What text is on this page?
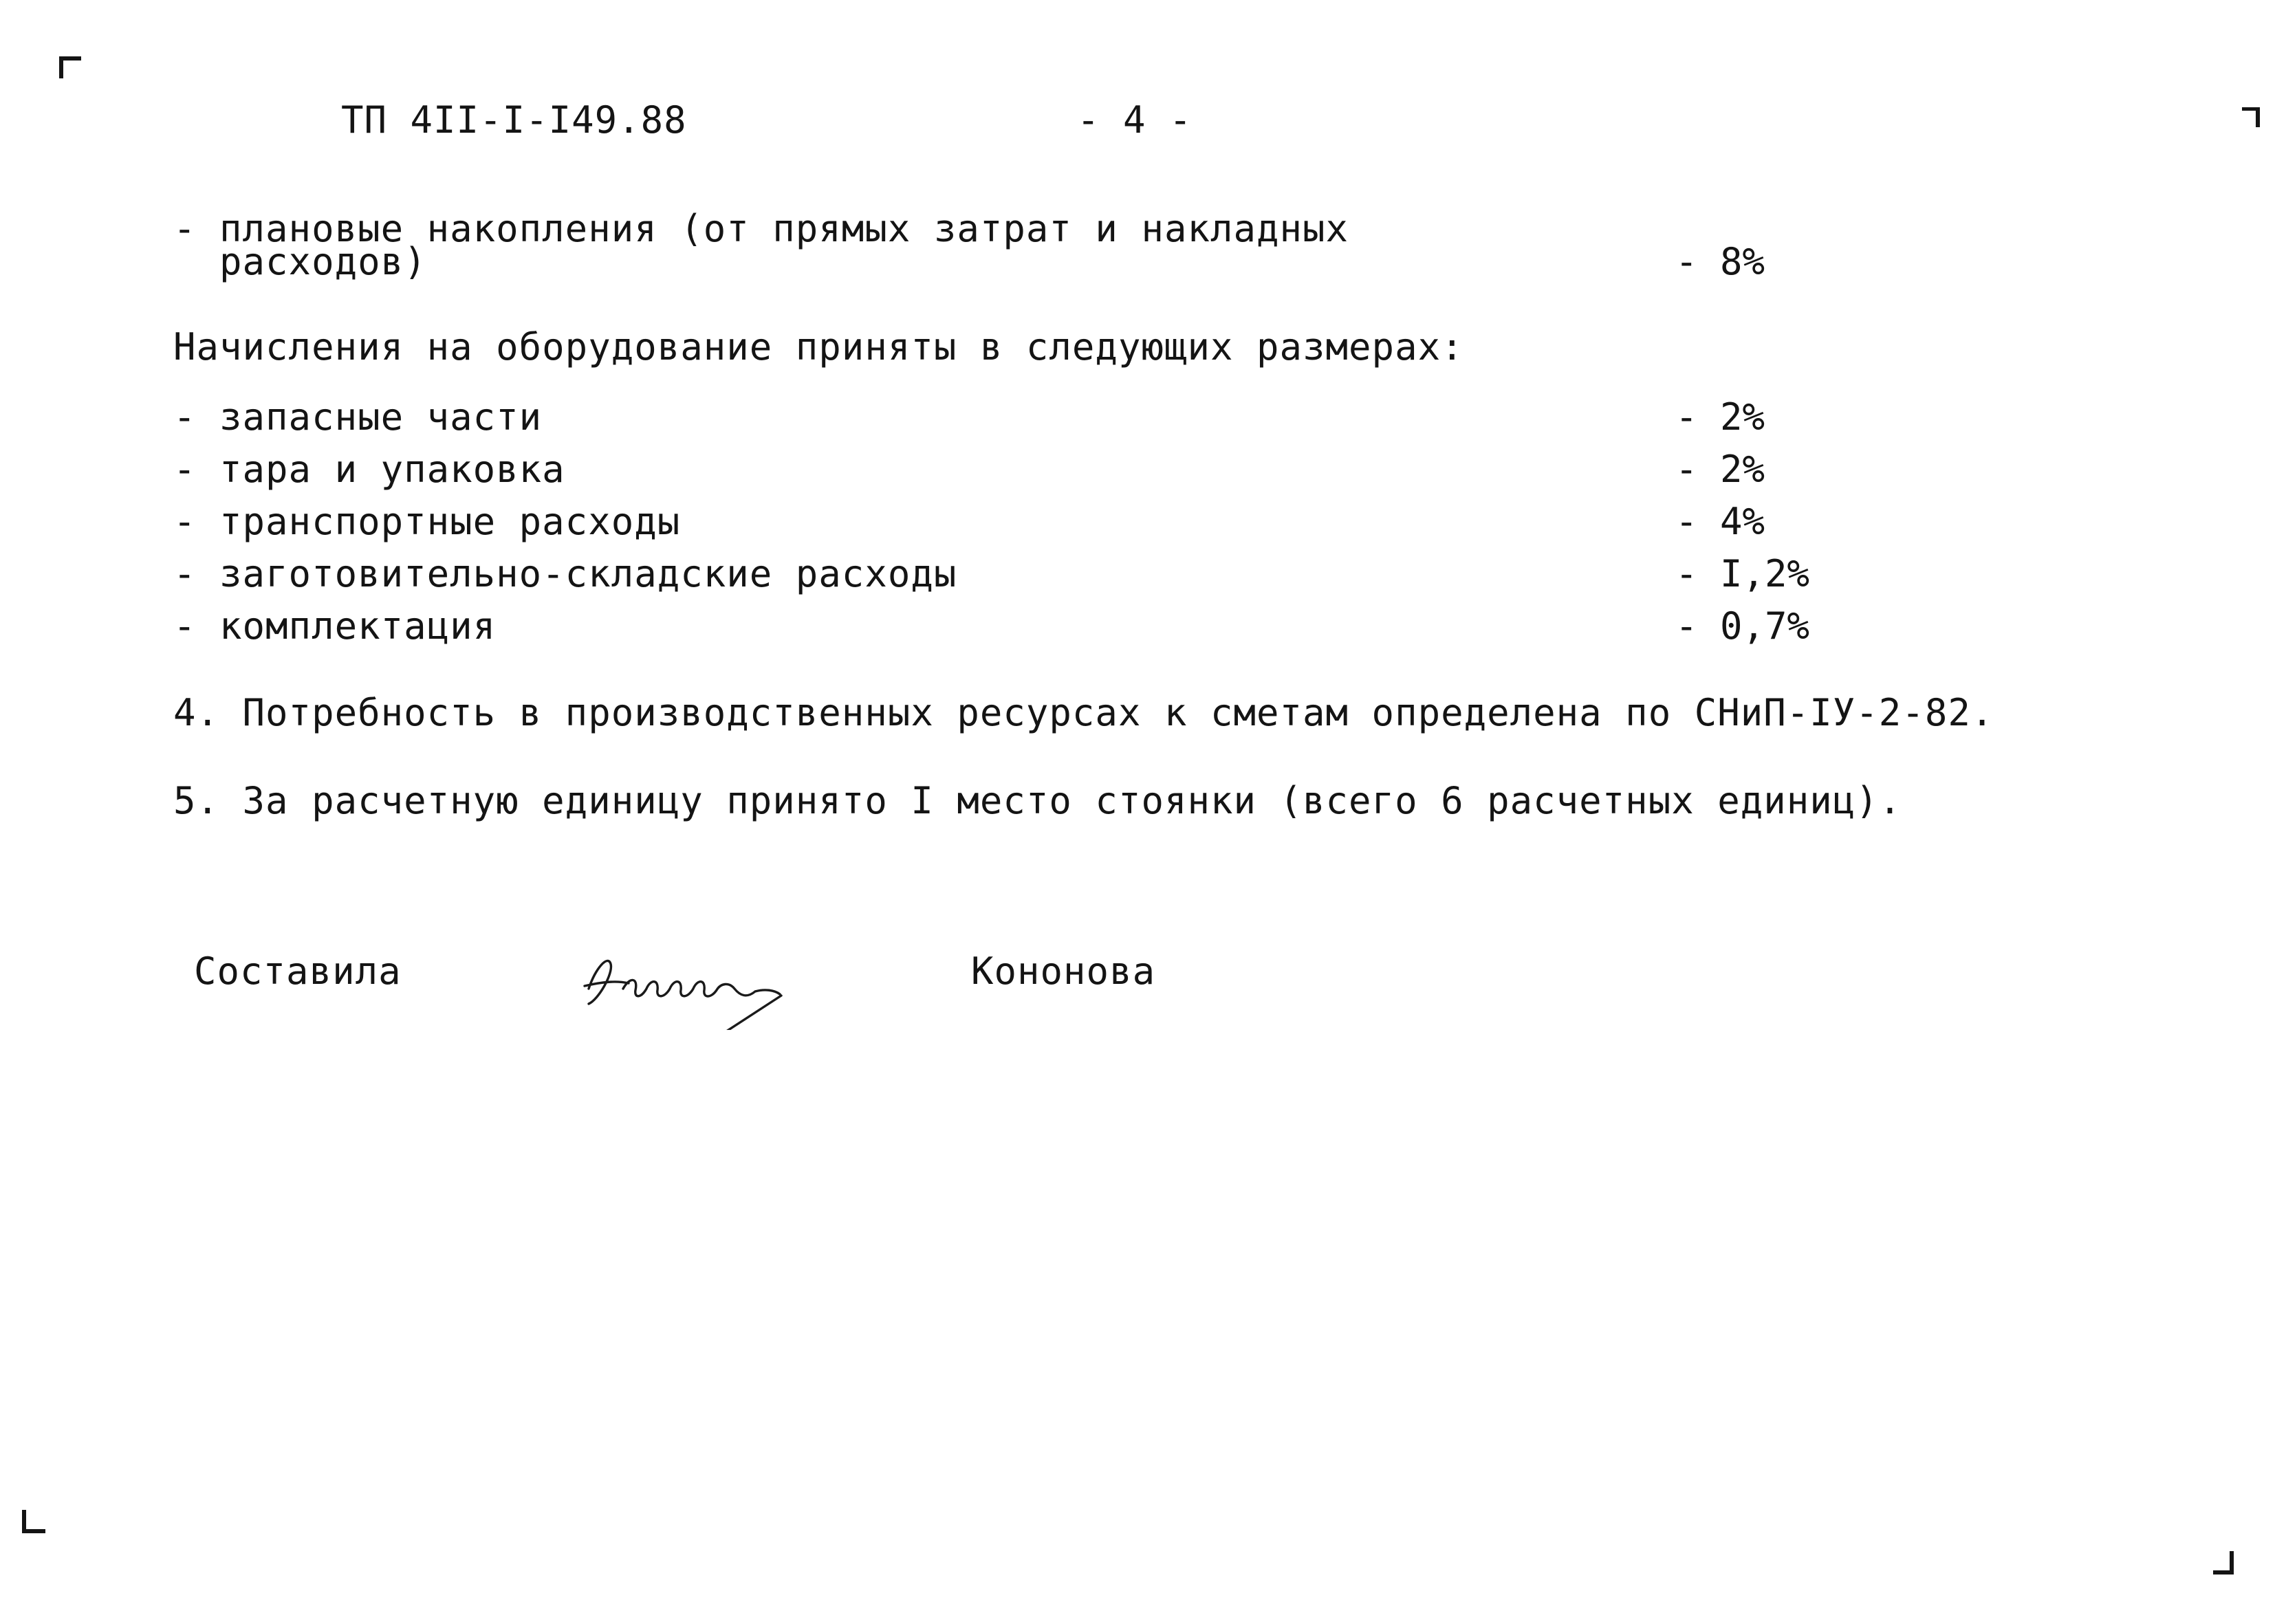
ТП 4II-I-I49.88	- 4 -
- плановые накопления (от прямых затрат и накладных
расходов)	- 8%
Начисления на оборудование приняты в следующих размерах:
- запасные части	- 2%
- тара и упаковка	- 2%
- транспортные расходы	- 4%
- заготовительно-складские расходы	- I,2%
- комплектация	- 0,7%
4. Потребность в производственных ресурсах к сметам определена по СНиП-IУ-2-82.
5. За расчетную единицу принято I место стоянки (всего 6 расчетных единиц).
Составила	Кононова
